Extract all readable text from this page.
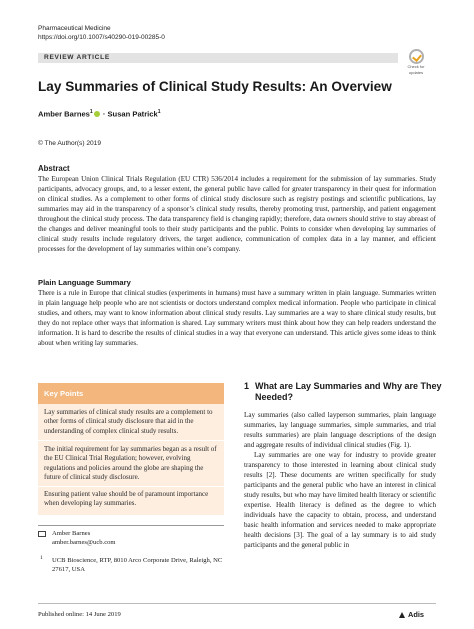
Pharmaceutical Medicine
https://doi.org/10.1007/s40290-019-00285-0
REVIEW ARTICLE
Check for
updates
Lay Summaries of Clinical Study Results: An Overview
Amber Barnes$^1$ · Susan Patrick$^1$
© The Author(s) 2019
Abstract
The European Union Clinical Trials Regulation (EU CTR) 536/2014 includes a requirement for the submission of lay summaries. Study participants, advocacy groups, and, to a lesser extent, the general public have called for greater transparency in their quest for information on clinical studies. As a complement to other forms of clinical study disclosure such as registry postings and scientific publications, lay summaries may aid in the transparency of a sponsor’s clinical study results, thereby promoting trust, partnership, and patient engagement throughout the clinical study process. The data transparency field is changing rapidly; therefore, data owners should strive to stay abreast of the changes and deliver meaningful tools to their study participants and the public. Points to consider when developing lay summaries of clinical study results include regulatory drivers, the target audience, communication of complex data in a lay manner, and efficient processes for the development of lay summaries within one’s company.
Plain Language Summary
There is a rule in Europe that clinical studies (experiments in humans) must have a summary written in plain language. Summaries written in plain language help people who are not scientists or doctors understand complex medical information. People who participate in clinical studies, and others, may want to know information about clinical study results. Lay summaries are a way to share clinical study results, but they do not replace other ways that information is shared. Lay summary writers must think about how they can help readers understand the information. It is hard to describe the results of clinical studies in a way that everyone can understand. This article gives some ideas to think about when writing lay summaries.
Key Points
Lay summaries of clinical study results are a complement to other forms of clinical study disclosure that aid in the understanding of complex clinical study results.
The initial requirement for lay summaries began as a result of the EU Clinical Trial Regulation; however, evolving regulations and policies around the globe are shaping the future of clinical study disclosure.
Ensuring patient value should be of paramount importance when developing lay summaries.
Amber Barnes
amber.barnes@ucb.com
1 UCB Bioscience, RTP, 8010 Arco Corporate Drive, Raleigh, NC 27617, USA
1 What are Lay Summaries and Why are They Needed?

Lay summaries (also called layperson summaries, plain language summaries, lay language summaries, simple summaries, and trial results summaries) are plain language descriptions of the design and aggregate results of individual clinical studies (Fig. 1).

Lay summaries are one way for industry to provide greater transparency to those interested in learning about clinical study results [2]. These documents are written specifically for study participants and the general public who have an interest in clinical study results, but who may have limited health literacy or scientific expertise. Health literacy is defined as the degree to which individuals have the capacity to obtain, process, and understand basic health information and services needed to make appropriate health decisions [3]. The goal of a lay summary is to aid study participants and the general public in

Published online: 14 June 2019	Adis
